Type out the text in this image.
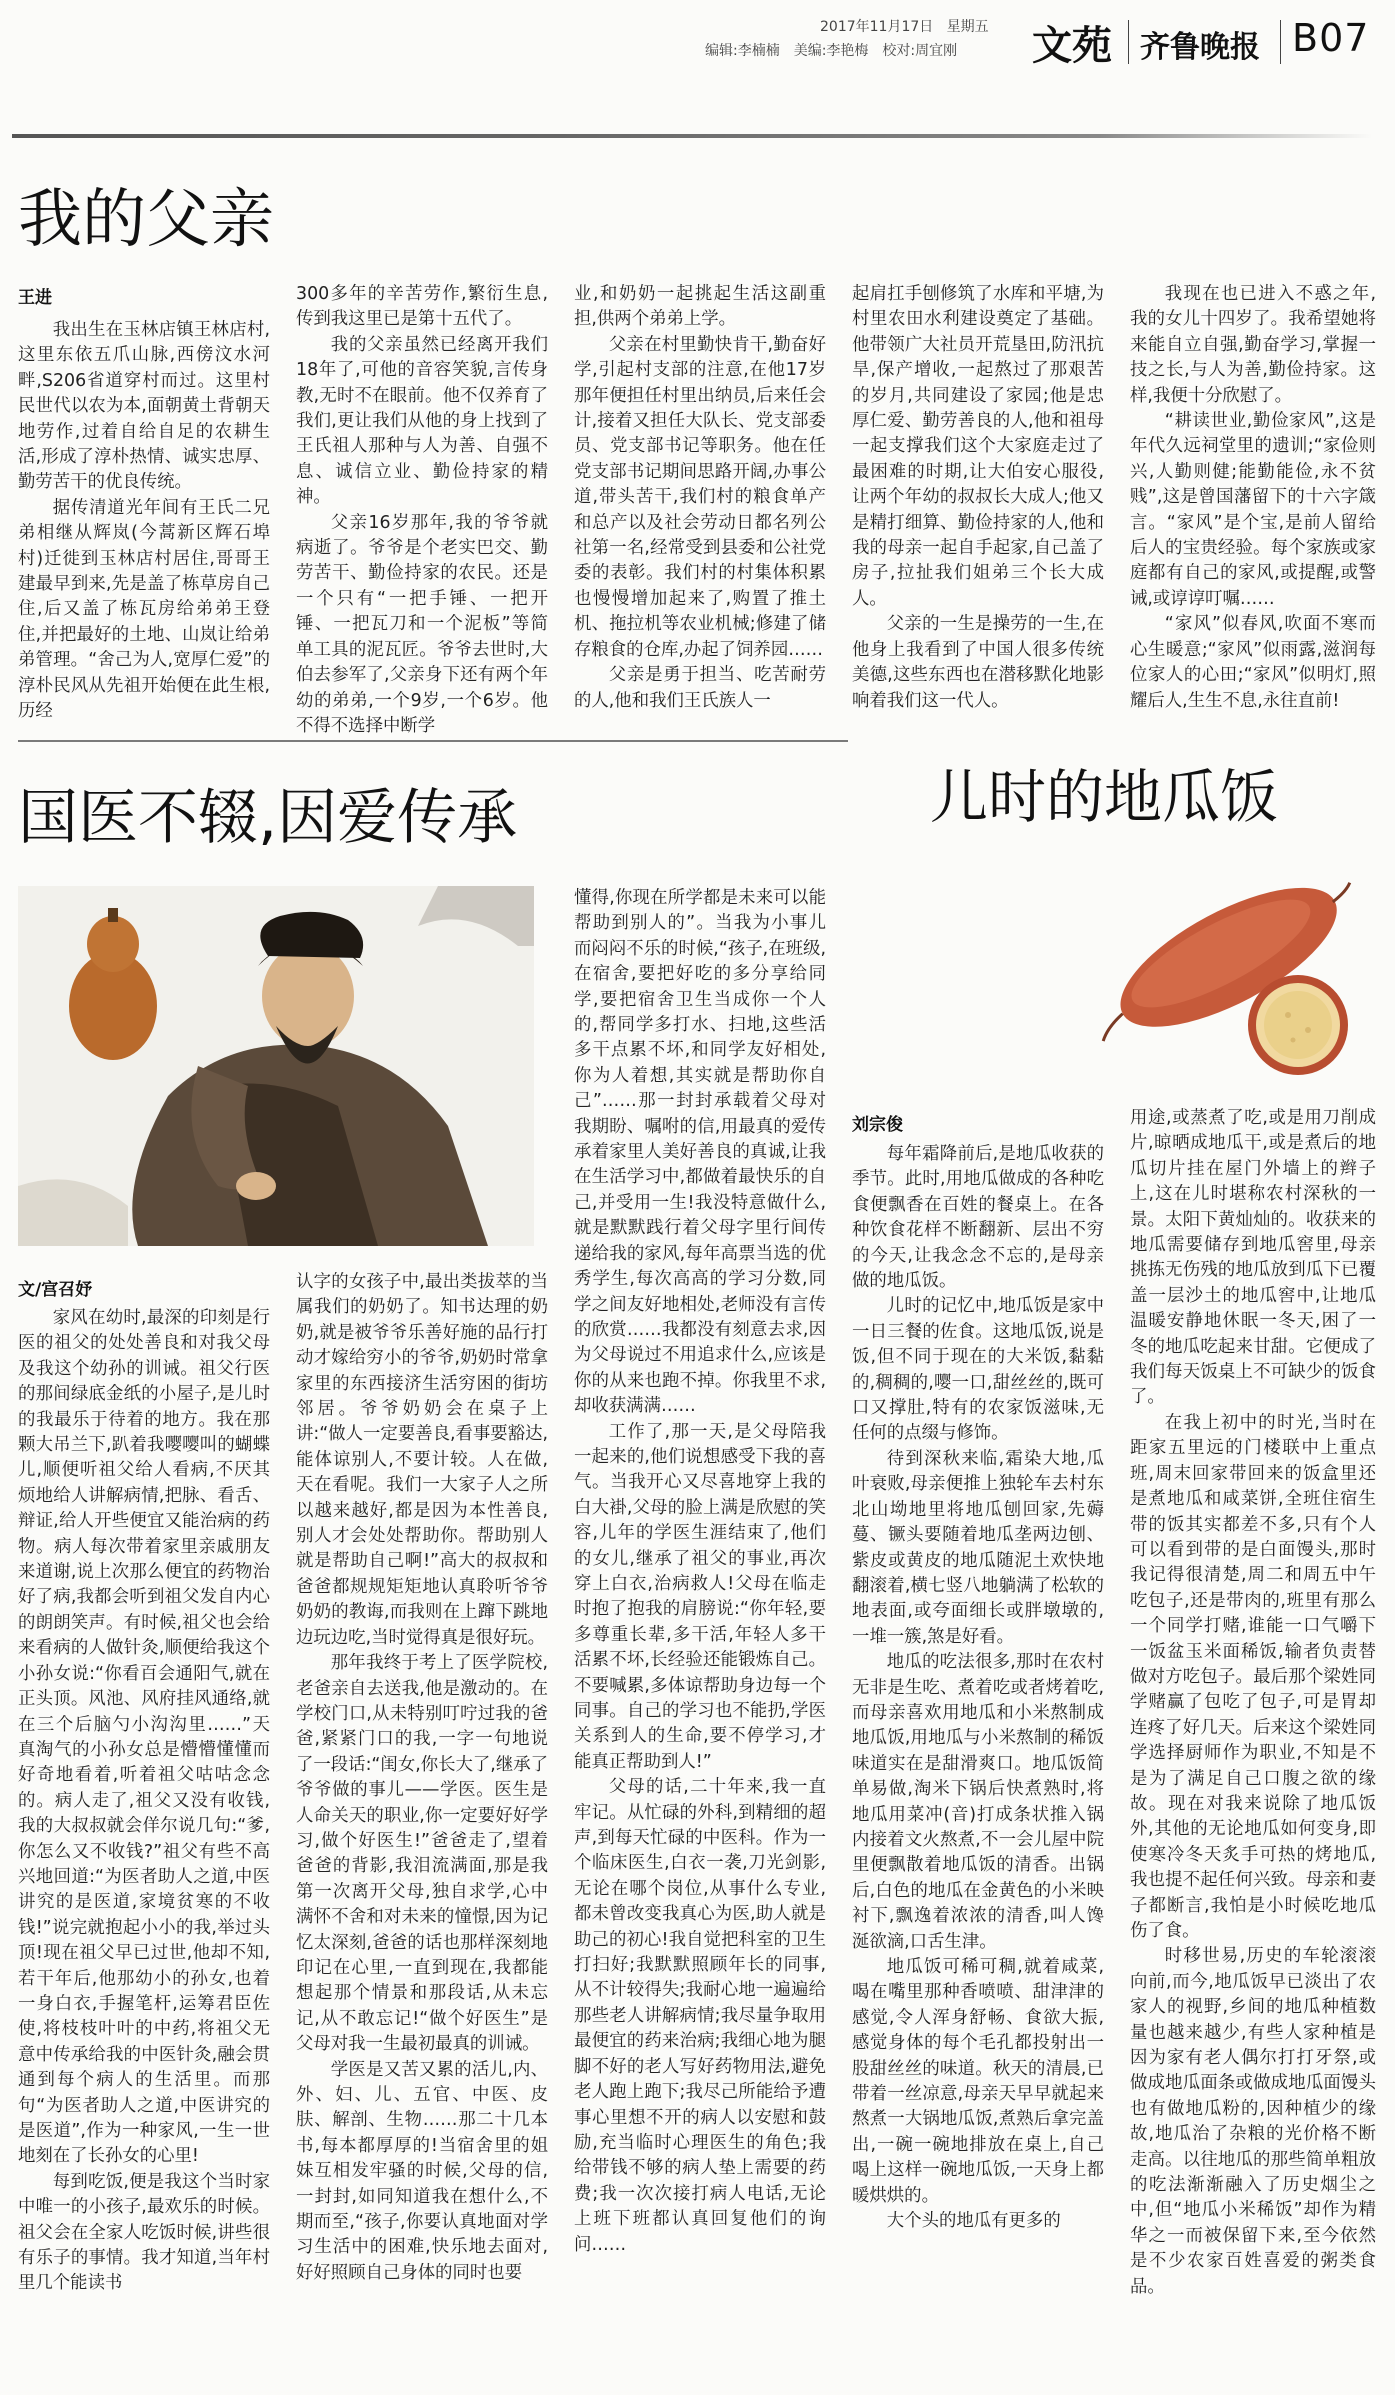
2017年11月17日 星期五
编辑:李楠楠　美编:李艳梅　校对:周宜刚 文苑 齐鲁晚报 B07
我的父亲
王进

我出生在玉林店镇王林店村,这里东依五爪山脉,西傍汶水河畔,S206省道穿村而过。这里村民世代以农为本,面朝黄土背朝天地劳作,过着自给自足的农耕生活,形成了淳朴热情、诚实忠厚、勤劳苦干的优良传统。

据传清道光年间有王氏二兄弟相继从辉岚(今蒿新区辉石埠村)迁徙到玉林店村居住,哥哥王建最早到来,先是盖了栋草房自己住,后又盖了栋瓦房给弟弟王登住,并把最好的土地、山岚让给弟弟管理。“舍己为人,宽厚仁爱”的淳朴民风从先祖开始便在此生根,历经

300多年的辛苦劳作,繁衍生息,传到我这里已是第十五代了。

我的父亲虽然已经离开我们18年了,可他的音容笑貌,言传身教,无时不在眼前。他不仅养育了我们,更让我们从他的身上找到了王氏祖人那种与人为善、自强不息、诚信立业、勤俭持家的精神。

父亲16岁那年,我的爷爷就病逝了。爷爷是个老实巴交、勤劳苦干、勤俭持家的农民。还是一个只有“一把手锤、一把开锤、一把瓦刀和一个泥板”等简单工具的泥瓦匠。爷爷去世时,大伯去参军了,父亲身下还有两个年幼的弟弟,一个9岁,一个6岁。他不得不选择中断学

业,和奶奶一起挑起生活这副重担,供两个弟弟上学。

父亲在村里勤快肯干,勤奋好学,引起村支部的注意,在他17岁那年便担任村里出纳员,后来任会计,接着又担任大队长、党支部委员、党支部书记等职务。他在任党支部书记期间思路开阔,办事公道,带头苦干,我们村的粮食单产和总产以及社会劳动日都名列公社第一名,经常受到县委和公社党委的表彰。我们村的村集体积累也慢慢增加起来了,购置了推土机、拖拉机等农业机械;修建了储存粮食的仓库,办起了饲养园……

父亲是勇于担当、吃苦耐劳的人,他和我们王氏族人一

起肩扛手刨修筑了水库和平塘,为村里农田水利建设奠定了基础。他带领广大社员开荒垦田,防汛抗旱,保产增收,一起熬过了那艰苦的岁月,共同建设了家园;他是忠厚仁爱、勤劳善良的人,他和祖母一起支撑我们这个大家庭走过了最困难的时期,让大伯安心服役,让两个年幼的叔叔长大成人;他又是精打细算、勤俭持家的人,他和我的母亲一起自手起家,自己盖了房子,拉扯我们姐弟三个长大成人。

父亲的一生是操劳的一生,在他身上我看到了中国人很多传统美德,这些东西也在潜移默化地影响着我们这一代人。

我现在也已进入不惑之年,我的女儿十四岁了。我希望她将来能自立自强,勤奋学习,掌握一技之长,与人为善,勤俭持家。这样,我便十分欣慰了。

“耕读世业,勤俭家风”,这是年代久远祠堂里的遗训;“家俭则兴,人勤则健;能勤能俭,永不贫贱”,这是曾国藩留下的十六字箴言。“家风”是个宝,是前人留给后人的宝贵经验。每个家族或家庭都有自己的家风,或提醒,或警诫,或谆谆叮嘱……

“家风”似春风,吹面不寒而心生暖意;“家风”似雨露,滋润每位家人的心田;“家风”似明灯,照耀后人,生生不息,永往直前!

国医不辍,因爱传承
文/宫召妤

家风在幼时,最深的印刻是行医的祖父的处处善良和对我父母及我这个幼孙的训诫。祖父行医的那间绿底金纸的小屋子,是儿时的我最乐于待着的地方。我在那颗大吊兰下,趴着我嘤嘤叫的蝴蝶儿,顺便听祖父给人看病,不厌其烦地给人讲解病情,把脉、看舌、辩证,给人开些便宜又能治病的药物。病人每次带着家里亲戚朋友来道谢,说上次那么便宜的药物治好了病,我都会听到祖父发自内心的朗朗笑声。有时候,祖父也会给来看病的人做针灸,顺便给我这个小孙女说:“你看百会通阳气,就在正头顶。风池、风府挂风通络,就在三个后脑勺小沟沟里……”天真淘气的小孙女总是懵懵懂懂而好奇地看着,听着祖父咕咕念念的。病人走了,祖父又没有收钱,我的大叔叔就会佯尔说几句:“爹,你怎么又不收钱?”祖父有些不高兴地回道:“为医者助人之道,中医讲究的是医道,家境贫寒的不收钱!”说完就抱起小小的我,举过头顶!现在祖父早已过世,他却不知,若干年后,他那幼小的孙女,也着一身白衣,手握笔杆,运筹君臣佐使,将枝枝叶叶的中药,将祖父无意中传承给我的中医针灸,融会贯通到每个病人的生活里。而那句“为医者助人之道,中医讲究的是医道”,作为一种家风,一生一世地刻在了长孙女的心里!

每到吃饭,便是我这个当时家中唯一的小孩子,最欢乐的时候。祖父会在全家人吃饭时候,讲些很有乐子的事情。我才知道,当年村里几个能读书

认字的女孩子中,最出类拔萃的当属我们的奶奶了。知书达理的奶奶,就是被爷爷乐善好施的品行打动才嫁给穷小的爷爷,奶奶时常拿家里的东西接济生活穷困的街坊邻居。爷爷奶奶会在桌子上讲:“做人一定要善良,看事要豁达,能体谅别人,不要计较。人在做,天在看呢。我们一大家子人之所以越来越好,都是因为本性善良,别人才会处处帮助你。帮助别人就是帮助自己啊!”高大的叔叔和爸爸都规规矩矩地认真聆听爷爷奶奶的教诲,而我则在上蹿下跳地边玩边吃,当时觉得真是很好玩。

那年我终于考上了医学院校,老爸亲自去送我,他是激动的。在学校门口,从未特别叮咛过我的爸爸,紧紧门口的我,一字一句地说了一段话:“闺女,你长大了,继承了爷爷做的事儿——学医。医生是人命关天的职业,你一定要好好学习,做个好医生!”爸爸走了,望着爸爸的背影,我泪流满面,那是我第一次离开父母,独自求学,心中满怀不舍和对未来的憧憬,因为记忆太深刻,爸爸的话也那样深刻地印记在心里,一直到现在,我都能想起那个情景和那段话,从未忘记,从不敢忘记!“做个好医生”是父母对我一生最初最真的训诫。

学医是又苦又累的活儿,内、外、妇、儿、五官、中医、皮肤、解剖、生物……那二十几本书,每本都厚厚的!当宿舍里的姐妹互相发牢骚的时候,父母的信,一封封,如同知道我在想什么,不期而至,“孩子,你要认真地面对学习生活中的困难,快乐地去面对,好好照顾自己身体的同时也要

懂得,你现在所学都是未来可以能帮助到别人的”。当我为小事儿而闷闷不乐的时候,“孩子,在班级,在宿舍,要把好吃的多分享给同学,要把宿舍卫生当成你一个人的,帮同学多打水、扫地,这些活多干点累不坏,和同学友好相处,你为人着想,其实就是帮助你自己”……那一封封承载着父母对我期盼、嘱咐的信,用最真的爱传承着家里人美好善良的真诚,让我在生活学习中,都做着最快乐的自己,并受用一生!我没特意做什么,就是默默践行着父母字里行间传递给我的家风,每年高票当选的优秀学生,每次高高的学习分数,同学之间友好地相处,老师没有言传的欣赏……我都没有刻意去求,因为父母说过不用追求什么,应该是你的从来也跑不掉。你我里不求,却收获满满……

工作了,那一天,是父母陪我一起来的,他们说想感受下我的喜气。当我开心又尽喜地穿上我的白大褂,父母的脸上满是欣慰的笑容,儿年的学医生涯结束了,他们的女儿,继承了祖父的事业,再次穿上白衣,治病救人!父母在临走时抱了抱我的肩膀说:“你年轻,要多尊重长辈,多干活,年轻人多干活累不坏,长经验还能锻炼自己。不要喊累,多体谅帮助身边每一个同事。自己的学习也不能扔,学医关系到人的生命,要不停学习,才能真正帮助到人!”

父母的话,二十年来,我一直牢记。从忙碌的外科,到精细的超声,到每天忙碌的中医科。作为一个临床医生,白衣一袭,刀光剑影,无论在哪个岗位,从事什么专业,都未曾改变我真心为医,助人就是助己的初心!我自觉把科室的卫生打扫好;我默默照顾年长的同事,从不计较得失;我耐心地一遍遍给那些老人讲解病情;我尽量争取用最便宜的药来治病;我细心地为腿脚不好的老人写好药物用法,避免老人跑上跑下;我尽己所能给予遭事心里想不开的病人以安慰和鼓励,充当临时心理医生的角色;我给带钱不够的病人垫上需要的药费;我一次次接打病人电话,无论上班下班都认真回复他们的询问……

儿时的地瓜饭
刘宗俊

每年霜降前后,是地瓜收获的季节。此时,用地瓜做成的各种吃食便飘香在百姓的餐桌上。在各种饮食花样不断翻新、层出不穷的今天,让我念念不忘的,是母亲做的地瓜饭。

儿时的记忆中,地瓜饭是家中一日三餐的佐食。这地瓜饭,说是饭,但不同于现在的大米饭,黏黏的,稠稠的,嘤一口,甜丝丝的,既可口又撑肚,特有的农家饭滋味,无任何的点缀与修饰。

待到深秋来临,霜染大地,瓜叶衰败,母亲便推上独轮车去村东北山坳地里将地瓜刨回家,先薅蔓、镢头要随着地瓜垄两边刨、紫皮或黄皮的地瓜随泥土欢快地翻滚着,横七竖八地躺满了松软的地表面,或夸面细长或胖墩墩的,一堆一簇,煞是好看。

地瓜的吃法很多,那时在农村无非是生吃、煮着吃或者烤着吃,而母亲喜欢用地瓜和小米熬制成地瓜饭,用地瓜与小米熬制的稀饭味道实在是甜滑爽口。地瓜饭简单易做,淘米下锅后快煮熟时,将地瓜用菜冲(音)打成条状推入锅内接着文火熬煮,不一会儿屋中院里便飘散着地瓜饭的清香。出锅后,白色的地瓜在金黄色的小米映衬下,飘逸着浓浓的清香,叫人馋涎欲滴,口舌生津。

地瓜饭可稀可稠,就着咸菜,喝在嘴里那种香喷喷、甜津津的感觉,令人浑身舒畅、食欲大振,感觉身体的每个毛孔都投射出一股甜丝丝的味道。秋天的清晨,已带着一丝凉意,母亲天早早就起来熬煮一大锅地瓜饭,煮熟后拿完盖出,一碗一碗地排放在桌上,自己喝上这样一碗地瓜饭,一天身上都暖烘烘的。

大个头的地瓜有更多的

用途,或蒸煮了吃,或是用刀削成片,晾晒成地瓜干,或是煮后的地瓜切片挂在屋门外墙上的辫子上,这在儿时堪称农村深秋的一景。太阳下黄灿灿的。收获来的地瓜需要储存到地瓜窖里,母亲挑拣无伤残的地瓜放到瓜下已覆盖一层沙土的地瓜窖中,让地瓜温暖安静地休眠一冬天,困了一冬的地瓜吃起来甘甜。它便成了我们每天饭桌上不可缺少的饭食了。

在我上初中的时光,当时在距家五里远的门楼联中上重点班,周末回家带回来的饭盒里还是煮地瓜和咸菜饼,全班住宿生带的饭其实都差不多,只有个人可以看到带的是白面馒头,那时我记得很清楚,周二和周五中午吃包子,还是带肉的,班里有那么一个同学打赌,谁能一口气嚼下一饭盆玉米面稀饭,输者负责替做对方吃包子。最后那个梁姓同学赌赢了包吃了包子,可是胃却连疼了好几天。后来这个梁姓同学选择厨师作为职业,不知是不是为了满足自己口腹之欲的缘故。现在对我来说除了地瓜饭外,其他的无论地瓜如何变身,即使寒冷冬天炙手可热的烤地瓜,我也提不起任何兴致。母亲和妻子都断言,我怕是小时候吃地瓜伤了食。

时移世易,历史的车轮滚滚向前,而今,地瓜饭早已淡出了农家人的视野,乡间的地瓜种植数量也越来越少,有些人家种植是因为家有老人偶尔打打牙祭,或做成地瓜面条或做成地瓜面馒头也有做地瓜粉的,因种植少的缘故,地瓜治了杂粮的光价格不断走高。以往地瓜的那些简单粗放的吃法渐渐融入了历史烟尘之中,但“地瓜小米稀饭”却作为精华之一而被保留下来,至今依然是不少农家百姓喜爱的粥类食品。
